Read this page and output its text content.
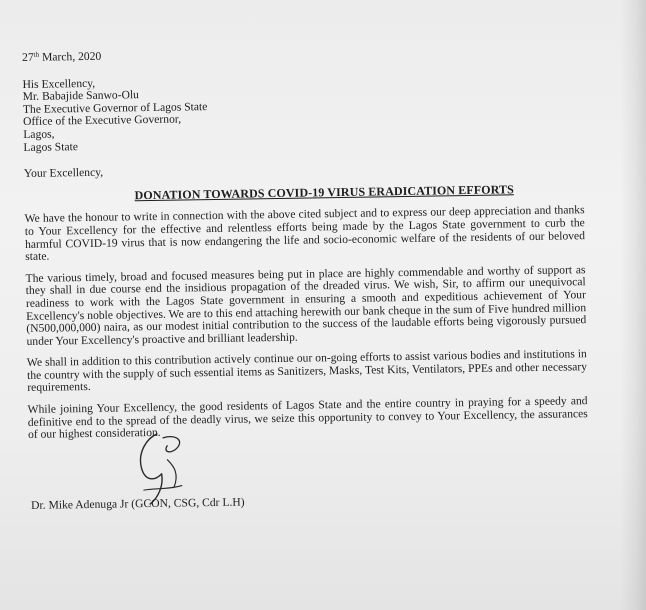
27th March, 2020
His Excellency,
Mr. Babajide Sanwo-Olu
The Executive Governor of Lagos State
Office of the Executive Governor,
Lagos,
Lagos State
Your Excellency,
DONATION TOWARDS COVID-19 VIRUS ERADICATION EFFORTS

We have the honour to write in connection with the above cited subject and to express our deep appreciation and thanks to Your Excellency for the effective and relentless efforts being made by the Lagos State government to curb the harmful COVID-19 virus that is now endangering the life and socio-economic welfare of the residents of our beloved state.

The various timely, broad and focused measures being put in place are highly commendable and worthy of support as they shall in due course end the insidious propagation of the dreaded virus. We wish, Sir, to affirm our unequivocal readiness to work with the Lagos State government in ensuring a smooth and expeditious achievement of Your Excellency's noble objectives. We are to this end attaching herewith our bank cheque in the sum of Five hundred million (N500,000,000) naira, as our modest initial contribution to the success of the laudable efforts being vigorously pursued under Your Excellency's proactive and brilliant leadership.

We shall in addition to this contribution actively continue our on-going efforts to assist various bodies and institutions in the country with the supply of such essential items as Sanitizers, Masks, Test Kits, Ventilators, PPEs and other necessary requirements.

While joining Your Excellency, the good residents of Lagos State and the entire country in praying for a speedy and definitive end to the spread of the deadly virus, we seize this opportunity to convey to Your Excellency, the assurances of our highest consideration.

Dr. Mike Adenuga Jr (GCON, CSG, Cdr L.H)
